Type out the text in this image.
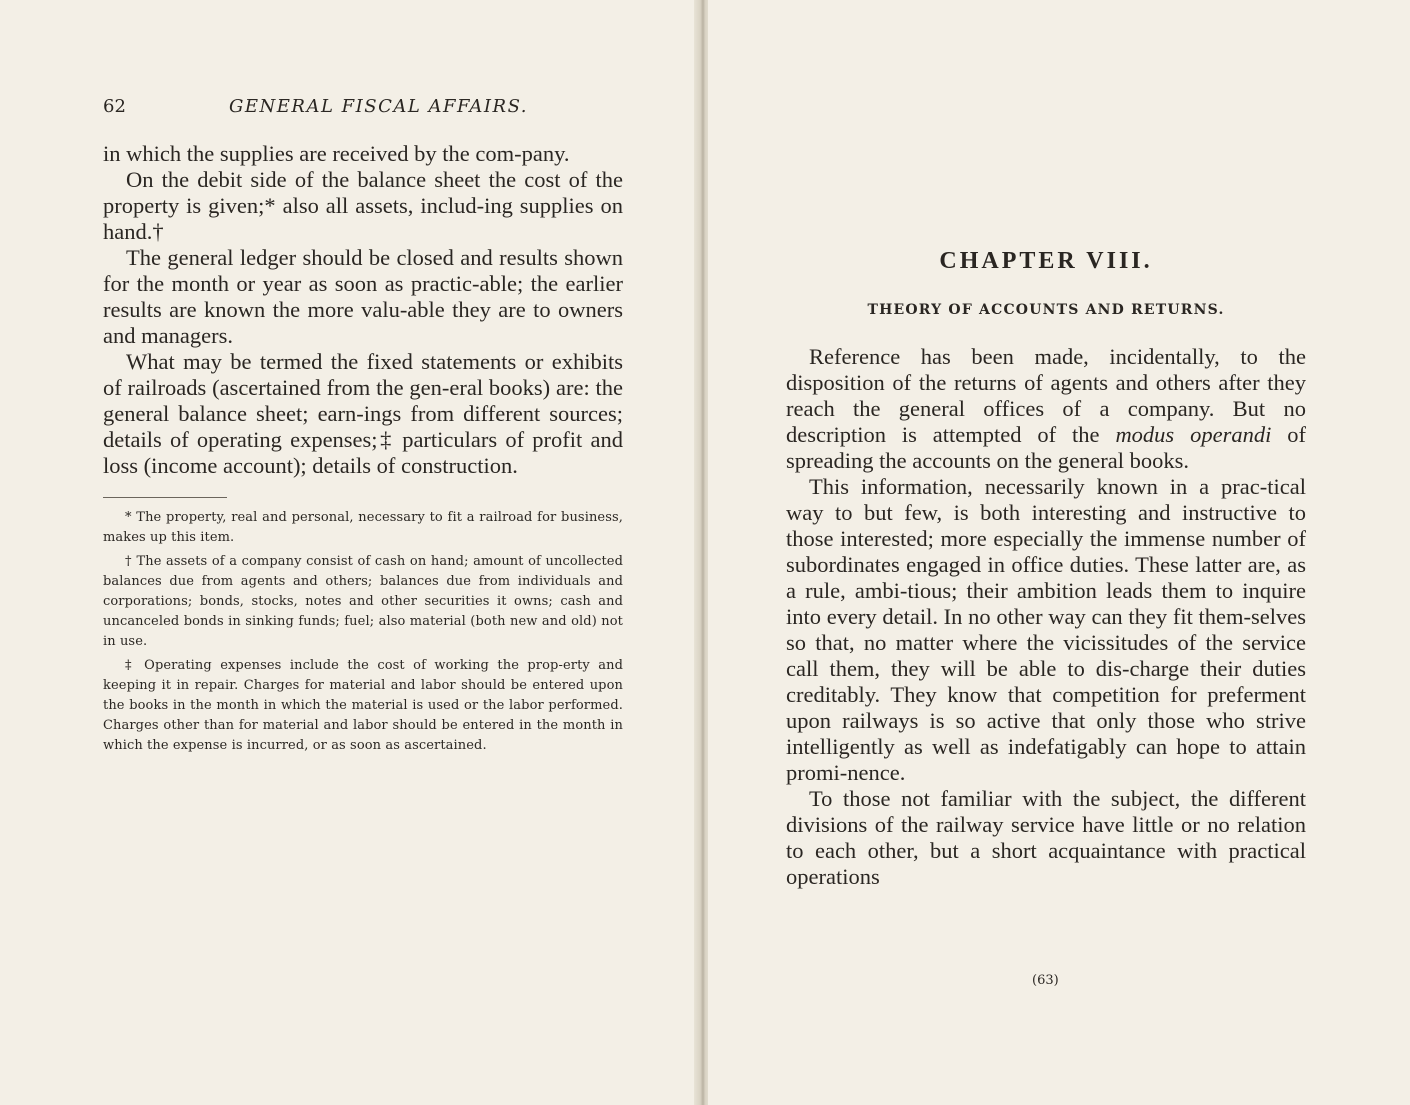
62	GENERAL FISCAL AFFAIRS.

in which the supplies are received by the com-pany.

On the debit side of the balance sheet the cost of the property is given;* also all assets, includ-ing supplies on hand.†

The general ledger should be closed and results shown for the month or year as soon as practic-able; the earlier results are known the more valu-able they are to owners and managers.

What may be termed the fixed statements or exhibits of railroads (ascertained from the gen-eral books) are: the general balance sheet; earn-ings from different sources; details of operating expenses;‡ particulars of profit and loss (income account); details of construction.

* The property, real and personal, necessary to fit a railroad for business, makes up this item.

† The assets of a company consist of cash on hand; amount of uncollected balances due from agents and others; balances due from individuals and corporations; bonds, stocks, notes and other securities it owns; cash and uncanceled bonds in sinking funds; fuel; also material (both new and old) not in use.

‡ Operating expenses include the cost of working the prop-erty and keeping it in repair. Charges for material and labor should be entered upon the books in the month in which the material is used or the labor performed. Charges other than for material and labor should be entered in the month in which the expense is incurred, or as soon as ascertained.

CHAPTER VIII.
THEORY OF ACCOUNTS AND RETURNS.

Reference has been made, incidentally, to the disposition of the returns of agents and others after they reach the general offices of a company. But no description is attempted of the modus operandi of spreading the accounts on the general books.

This information, necessarily known in a prac-tical way to but few, is both interesting and instructive to those interested; more especially the immense number of subordinates engaged in office duties. These latter are, as a rule, ambi-tious; their ambition leads them to inquire into every detail. In no other way can they fit them-selves so that, no matter where the vicissitudes of the service call them, they will be able to dis-charge their duties creditably. They know that competition for preferment upon railways is so active that only those who strive intelligently as well as indefatigably can hope to attain promi-nence.

To those not familiar with the subject, the different divisions of the railway service have little or no relation to each other, but a short acquaintance with practical operations

(63)
